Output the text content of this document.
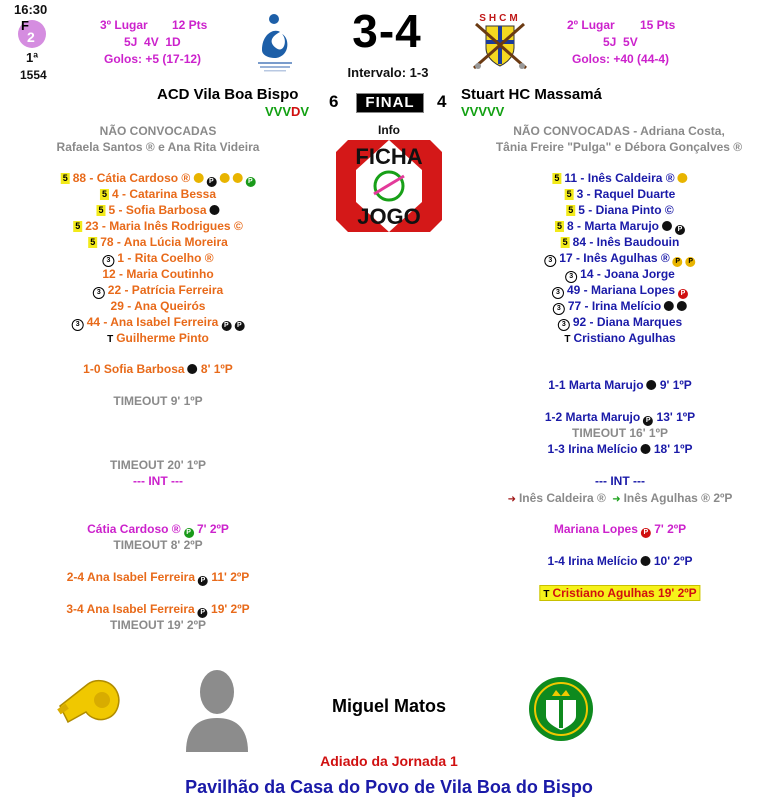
16:30
F
2
1ª
1554
3º Lugar 12 Pts
5J  4V  1D
Golos: +5 (17-12)
3-4
Intervalo: 1-3
SHCM	2º Lugar 15 Pts
5J  5V
Golos: +40 (44-4)
ACD Vila Boa Bispo
VVVDV
6 FINAL 4 Stuart HC Massamá
VVVVV
Info
FICHA
JOGO
NÃO CONVOCADAS
Rafaela Santos ® e Ana Rita Videira
NÃO CONVOCADAS - Adriana Costa,
Tânia Freire "Pulga" e Débora Gonçalves ®
5 88 - Cátia Cardoso ®	P	P
5 4 - Catarina Bessa
5 5 - Sofia Barbosa
5 23 - Maria Inês Rodrigues ©
5 78 - Ana Lúcia Moreira
3 1 - Rita Coelho ®
12 - Maria Coutinho
3 22 - Patrícia Ferreira
29 - Ana Queirós
3 44 - Ana Isabel Ferreira P P
T Guilherme Pinto
5 11 - Inês Caldeira ®
5 3 - Raquel Duarte
5 5 - Diana Pinto ©
5 8 - Marta Marujo	P
5 84 - Inês Baudouin
3 17 - Inês Agulhas ® P P
3 14 - Joana Jorge
3 49 - Mariana Lopes P
3 77 - Irina Melício
3 92 - Diana Marques
T Cristiano Agulhas
1-0 Sofia Barbosa 8' 1ºP
TIMEOUT 9' 1ºP
TIMEOUT 20' 1ºP
--- INT ---
Cátia Cardoso ® P 7' 2ºP
TIMEOUT 8' 2ºP
2-4 Ana Isabel Ferreira P 11' 2ºP
3-4 Ana Isabel Ferreira P 19' 2ºP
TIMEOUT 19' 2ºP
1-1 Marta Marujo 9' 1ºP
1-2 Marta Marujo P 13' 1ºP
TIMEOUT 16' 1ºP
1-3 Irina Melício 18' 1ºP
--- INT ---
Mariana Lopes P 7' 2ºP
1-4 Irina Melício 10' 2ºP
➜ Inês Caldeira ® ➜ Inês Agulhas ® 2ºP
T Cristiano Agulhas 19' 2ºP
Miguel Matos
Adiado da Jornada 1
Pavilhão da Casa do Povo de Vila Boa do Bispo
